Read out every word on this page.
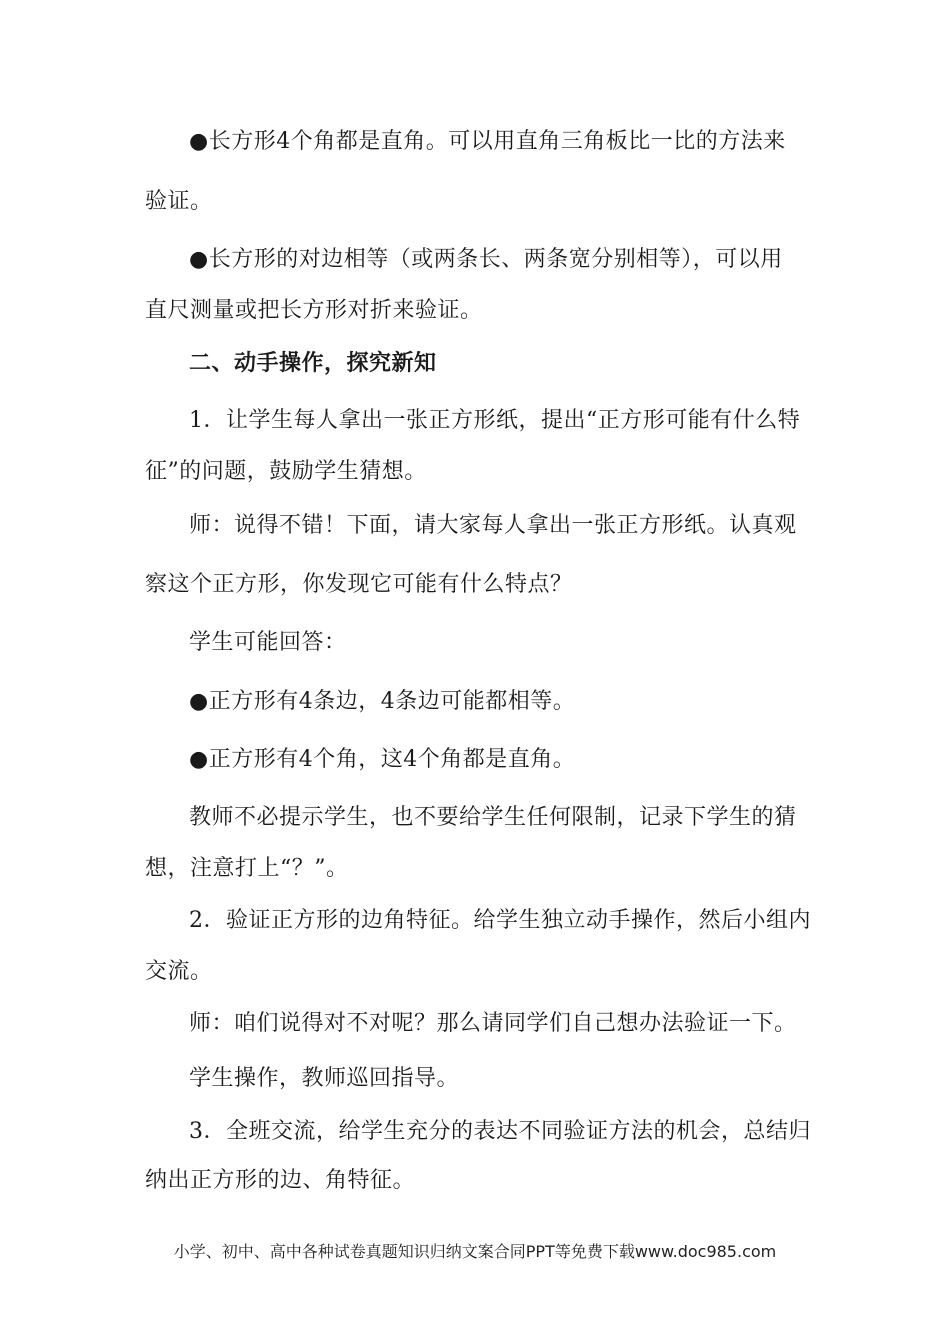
●长方形4个角都是直角。可以用直角三角板比一比的方法来
验证。
●长方形的对边相等（或两条长、两条宽分别相等），可以用
直尺测量或把长方形对折来验证。
二、动手操作，探究新知
1．让学生每人拿出一张正方形纸，提出“正方形可能有什么特
征”的问题，鼓励学生猜想。
师：说得不错！下面，请大家每人拿出一张正方形纸。认真观
察这个正方形，你发现它可能有什么特点？
学生可能回答：
●正方形有4条边，4条边可能都相等。
●正方形有4个角，这4个角都是直角。
教师不必提示学生，也不要给学生任何限制，记录下学生的猜
想，注意打上“？”。
2．验证正方形的边角特征。给学生独立动手操作，然后小组内
交流。
师：咱们说得对不对呢？那么请同学们自己想办法验证一下。
学生操作，教师巡回指导。
3．全班交流，给学生充分的表达不同验证方法的机会，总结归
纳出正方形的边、角特征。
小学、初中、高中各种试卷真题知识归纳文案合同PPT等免费下载www.doc985.com
